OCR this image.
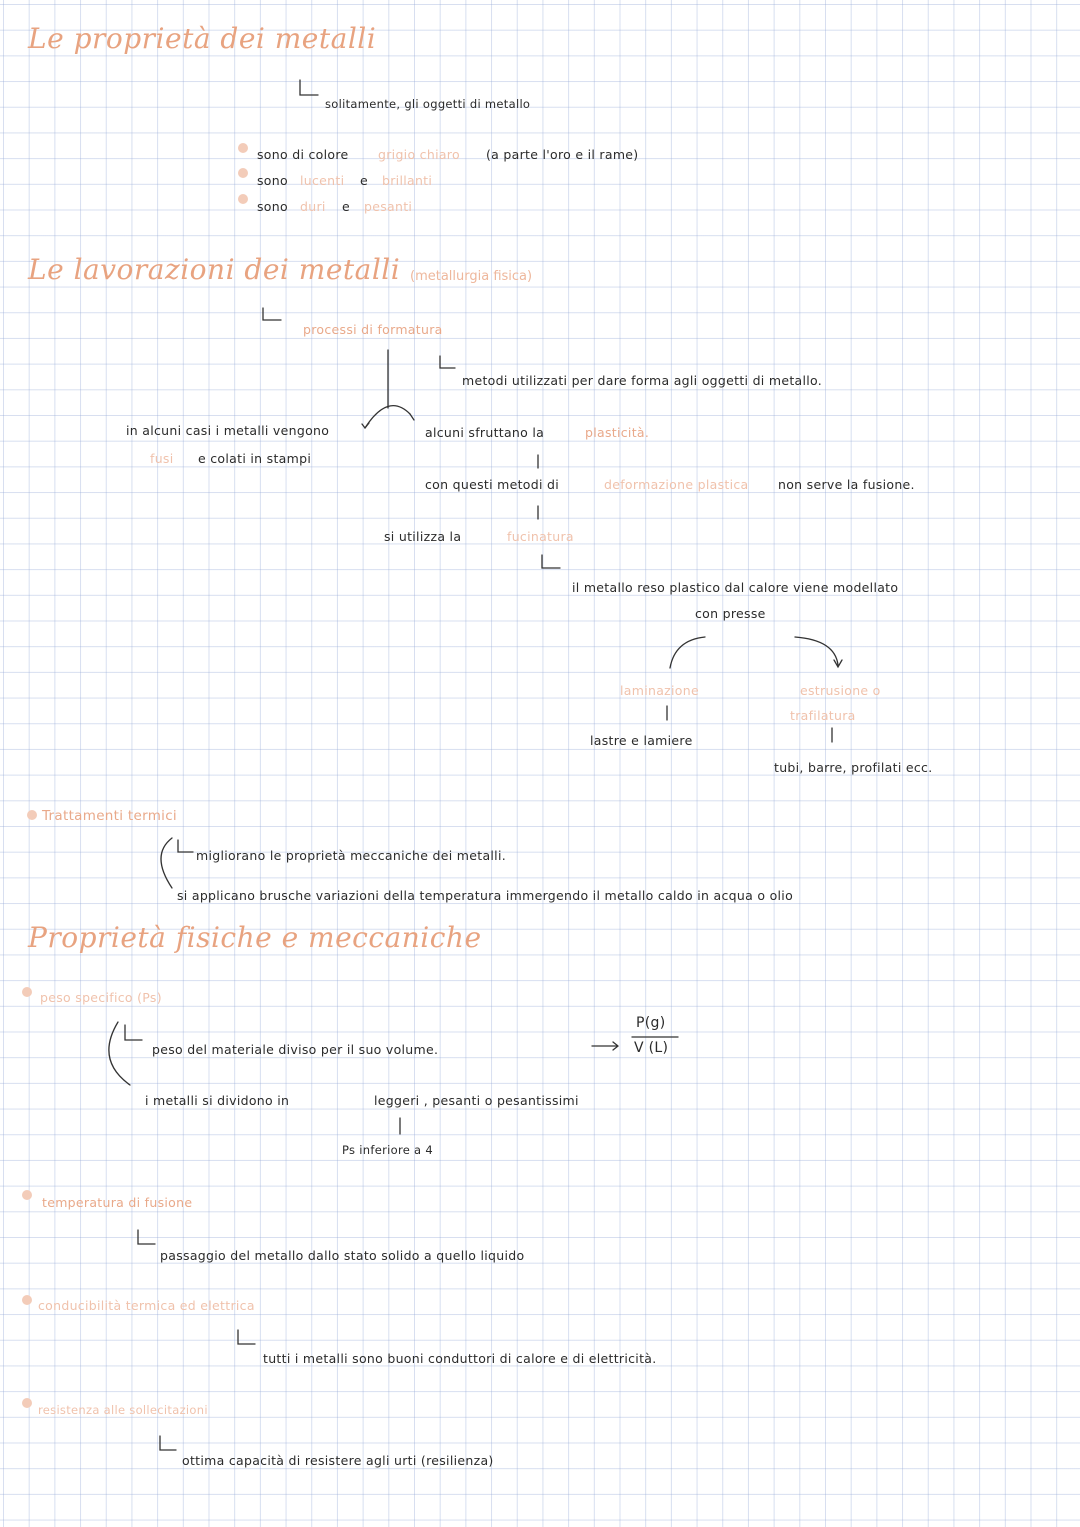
Le proprietà dei metalli
solitamente, gli oggetti di metallo
sono di colore grigio chiaro (a parte l'oro e il rame)
sono lucenti e brillanti
sono duri e pesanti
Le lavorazioni dei metalli (metallurgia fisica)
processi di formatura
metodi utilizzati per dare forma agli oggetti di metallo.
in alcuni casi i metalli vengono
fusi e colati in stampi
alcuni sfruttano la	plasticità.
con questi metodi di	deformazione plastica non serve la fusione.
si utilizza la	fucinatura
il metallo reso plastico dal calore viene modellato
con presse
laminazione
lastre e lamiere
estrusione o
trafilatura
tubi, barre, profilati ecc.
Trattamenti termici
migliorano le proprietà meccaniche dei metalli.
si applicano brusche variazioni della temperatura immergendo il metallo caldo in acqua o olio
Proprietà fisiche e meccaniche
peso specifico (Ps)
peso del materiale diviso per il suo volume.
P(g)
V (L)
i metalli si dividono in	leggeri , pesanti o pesantissimi
Ps inferiore a 4
temperatura di fusione
passaggio del metallo dallo stato solido a quello liquido
conducibilità termica ed elettrica
tutti i metalli sono buoni conduttori di calore e di elettricità.
resistenza alle sollecitazioni
ottima capacità di resistere agli urti (resilienza)
